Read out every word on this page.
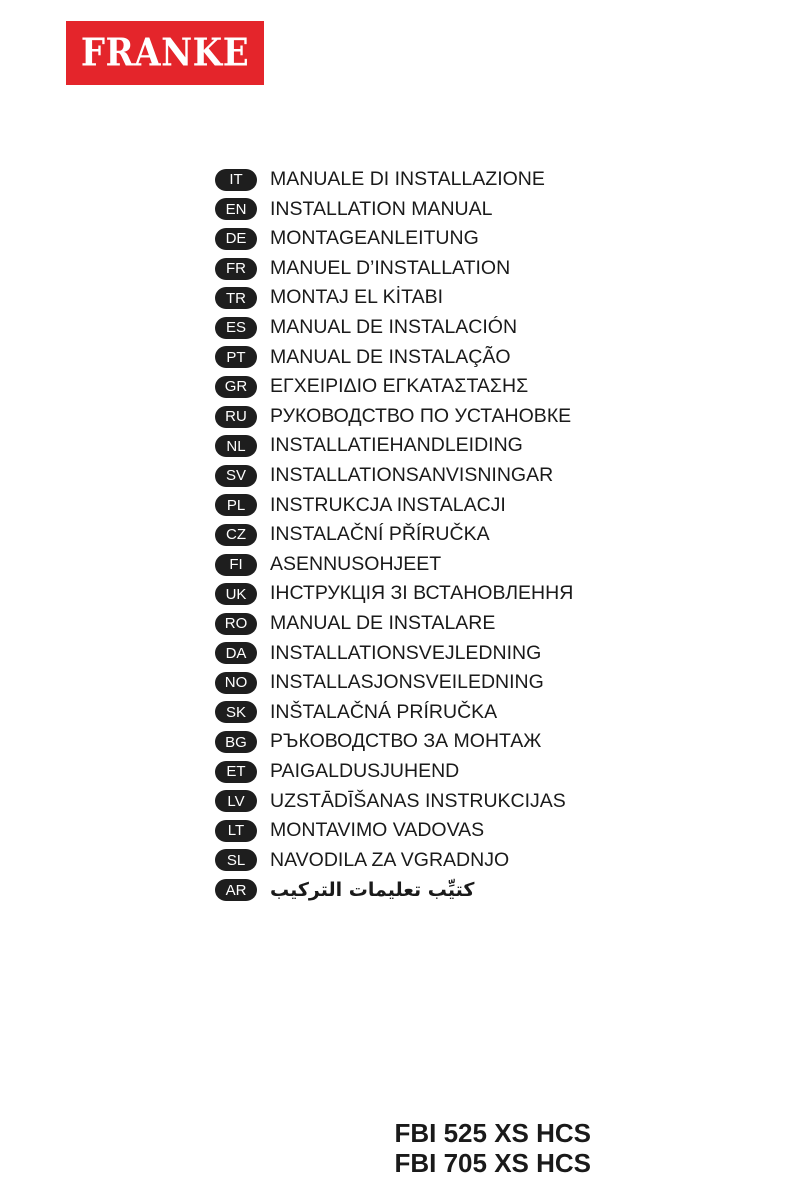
FRANKE
IT	MANUALE DI INSTALLAZIONE
EN	INSTALLATION MANUAL
DE	MONTAGEANLEITUNG
FR	MANUEL D’INSTALLATION
TR	MONTAJ EL KİTABI
ES	MANUAL DE INSTALACIÓN
PT	MANUAL DE INSTALAÇÃO
GR	ΕΓΧΕΙΡΙΔΙΟ ΕΓΚΑΤΑΣΤΑΣΗΣ
RU	РУКОВОДСТВО ПО УСТАНОВКЕ
NL	INSTALLATIEHANDLEIDING
SV	INSTALLATIONSANVISNINGAR
PL	INSTRUKCJA INSTALACJI
CZ	INSTALAČNÍ PŘÍRUČKA
FI	ASENNUSOHJEET
UK	ІНСТРУКЦІЯ ЗІ ВСТАНОВЛЕННЯ
RO	MANUAL DE INSTALARE
DA	INSTALLATIONSVEJLEDNING
NO	INSTALLASJONSVEILEDNING
SK	INŠTALAČNÁ PRÍRUČKA
BG	РЪКОВОДСТВО ЗА МОНТАЖ
ET	PAIGALDUSJUHEND
LV	UZSTĀDĪŠANAS INSTRUKCIJAS
LT	MONTAVIMO VADOVAS
SL	NAVODILA ZA VGRADNJO
AR	كتيِّب تعليمات التركيب
FBI 525 XS HCS
FBI 705 XS HCS
